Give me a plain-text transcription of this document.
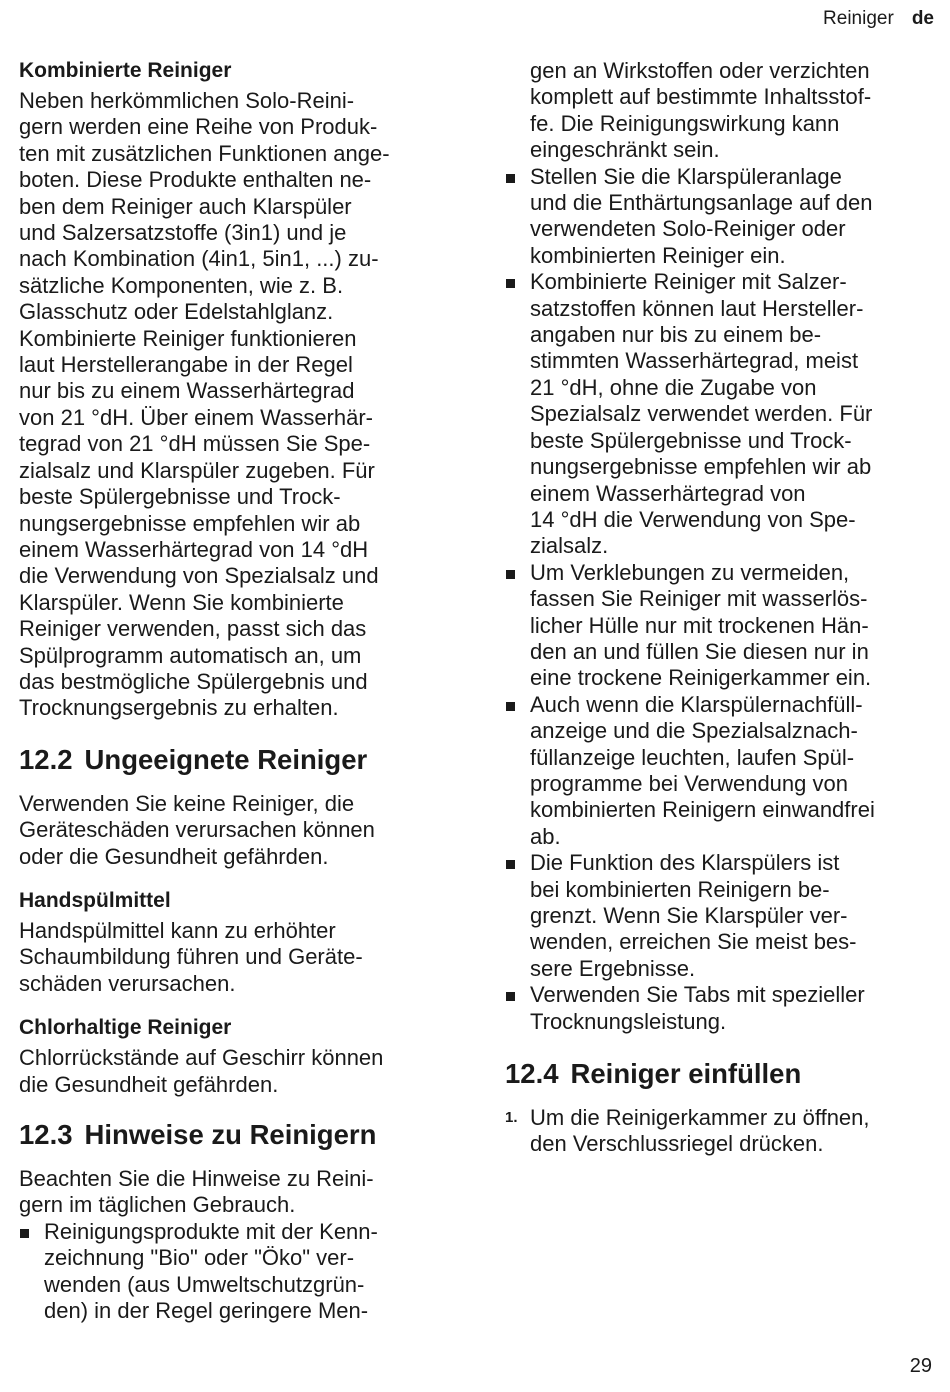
Reiniger de
Kombinierte Reiniger

Neben herkömmlichen Solo-Reini-
gern werden eine Reihe von Produk-
ten mit zusätzlichen Funktionen ange-
boten. Diese Produkte enthalten ne-
ben dem Reiniger auch Klarspüler
und Salzersatzstoffe (3in1) und je
nach Kombination (4in1, 5in1, ...) zu-
sätzliche Komponenten, wie z. B.
Glasschutz oder Edelstahlglanz.
Kombinierte Reiniger funktionieren
laut Herstellerangabe in der Regel
nur bis zu einem Wasserhärtegrad
von 21 °dH. Über einem Wasserhär-
tegrad von 21 °dH müssen Sie Spe-
zialsalz und Klarspüler zugeben. Für
beste Spülergebnisse und Trock-
nungsergebnisse empfehlen wir ab
einem Wasserhärtegrad von 14 °dH
die Verwendung von Spezialsalz und
Klarspüler. Wenn Sie kombinierte
Reiniger verwenden, passt sich das
Spülprogramm automatisch an, um
das bestmögliche Spülergebnis und
Trocknungsergebnis zu erhalten.

12.2 Ungeeignete Reiniger

Verwenden Sie keine Reiniger, die
Geräteschäden verursachen können
oder die Gesundheit gefährden.

Handspülmittel

Handspülmittel kann zu erhöhter
Schaumbildung führen und Geräte-
schäden verursachen.

Chlorhaltige Reiniger

Chlorrückstände auf Geschirr können
die Gesundheit gefährden.

12.3 Hinweise zu Reinigern

Beachten Sie die Hinweise zu Reini-
gern im täglichen Gebrauch.

Reinigungsprodukte mit der Kenn-
zeichnung "Bio" oder "Öko" ver-
wenden (aus Umweltschutzgrün-
den) in der Regel geringere Men-

gen an Wirkstoffen oder verzichten
komplett auf bestimmte Inhaltsstof-
fe. Die Reinigungswirkung kann
eingeschränkt sein.

Stellen Sie die Klarspüleranlage
und die Enthärtungsanlage auf den
verwendeten Solo-Reiniger oder
kombinierten Reiniger ein.
Kombinierte Reiniger mit Salzer-
satzstoffen können laut Hersteller-
angaben nur bis zu einem be-
stimmten Wasserhärtegrad, meist
21 °dH, ohne die Zugabe von
Spezialsalz verwendet werden. Für
beste Spülergebnisse und Trock-
nungsergebnisse empfehlen wir ab
einem Wasserhärtegrad von
14 °dH die Verwendung von Spe-
zialsalz.
Um Verklebungen zu vermeiden,
fassen Sie Reiniger mit wasserlös-
licher Hülle nur mit trockenen Hän-
den an und füllen Sie diesen nur in
eine trockene Reinigerkammer ein.
Auch wenn die Klarspülernachfüll-
anzeige und die Spezialsalznach-
füllanzeige leuchten, laufen Spül-
programme bei Verwendung von
kombinierten Reinigern einwandfrei
ab.
Die Funktion des Klarspülers ist
bei kombinierten Reinigern be-
grenzt. Wenn Sie Klarspüler ver-
wenden, erreichen Sie meist bes-
sere Ergebnisse.
Verwenden Sie Tabs mit spezieller
Trocknungsleistung.
12.4 Reiniger einfüllen
1. Um die Reinigerkammer zu öffnen,
den Verschlussriegel drücken.
29
